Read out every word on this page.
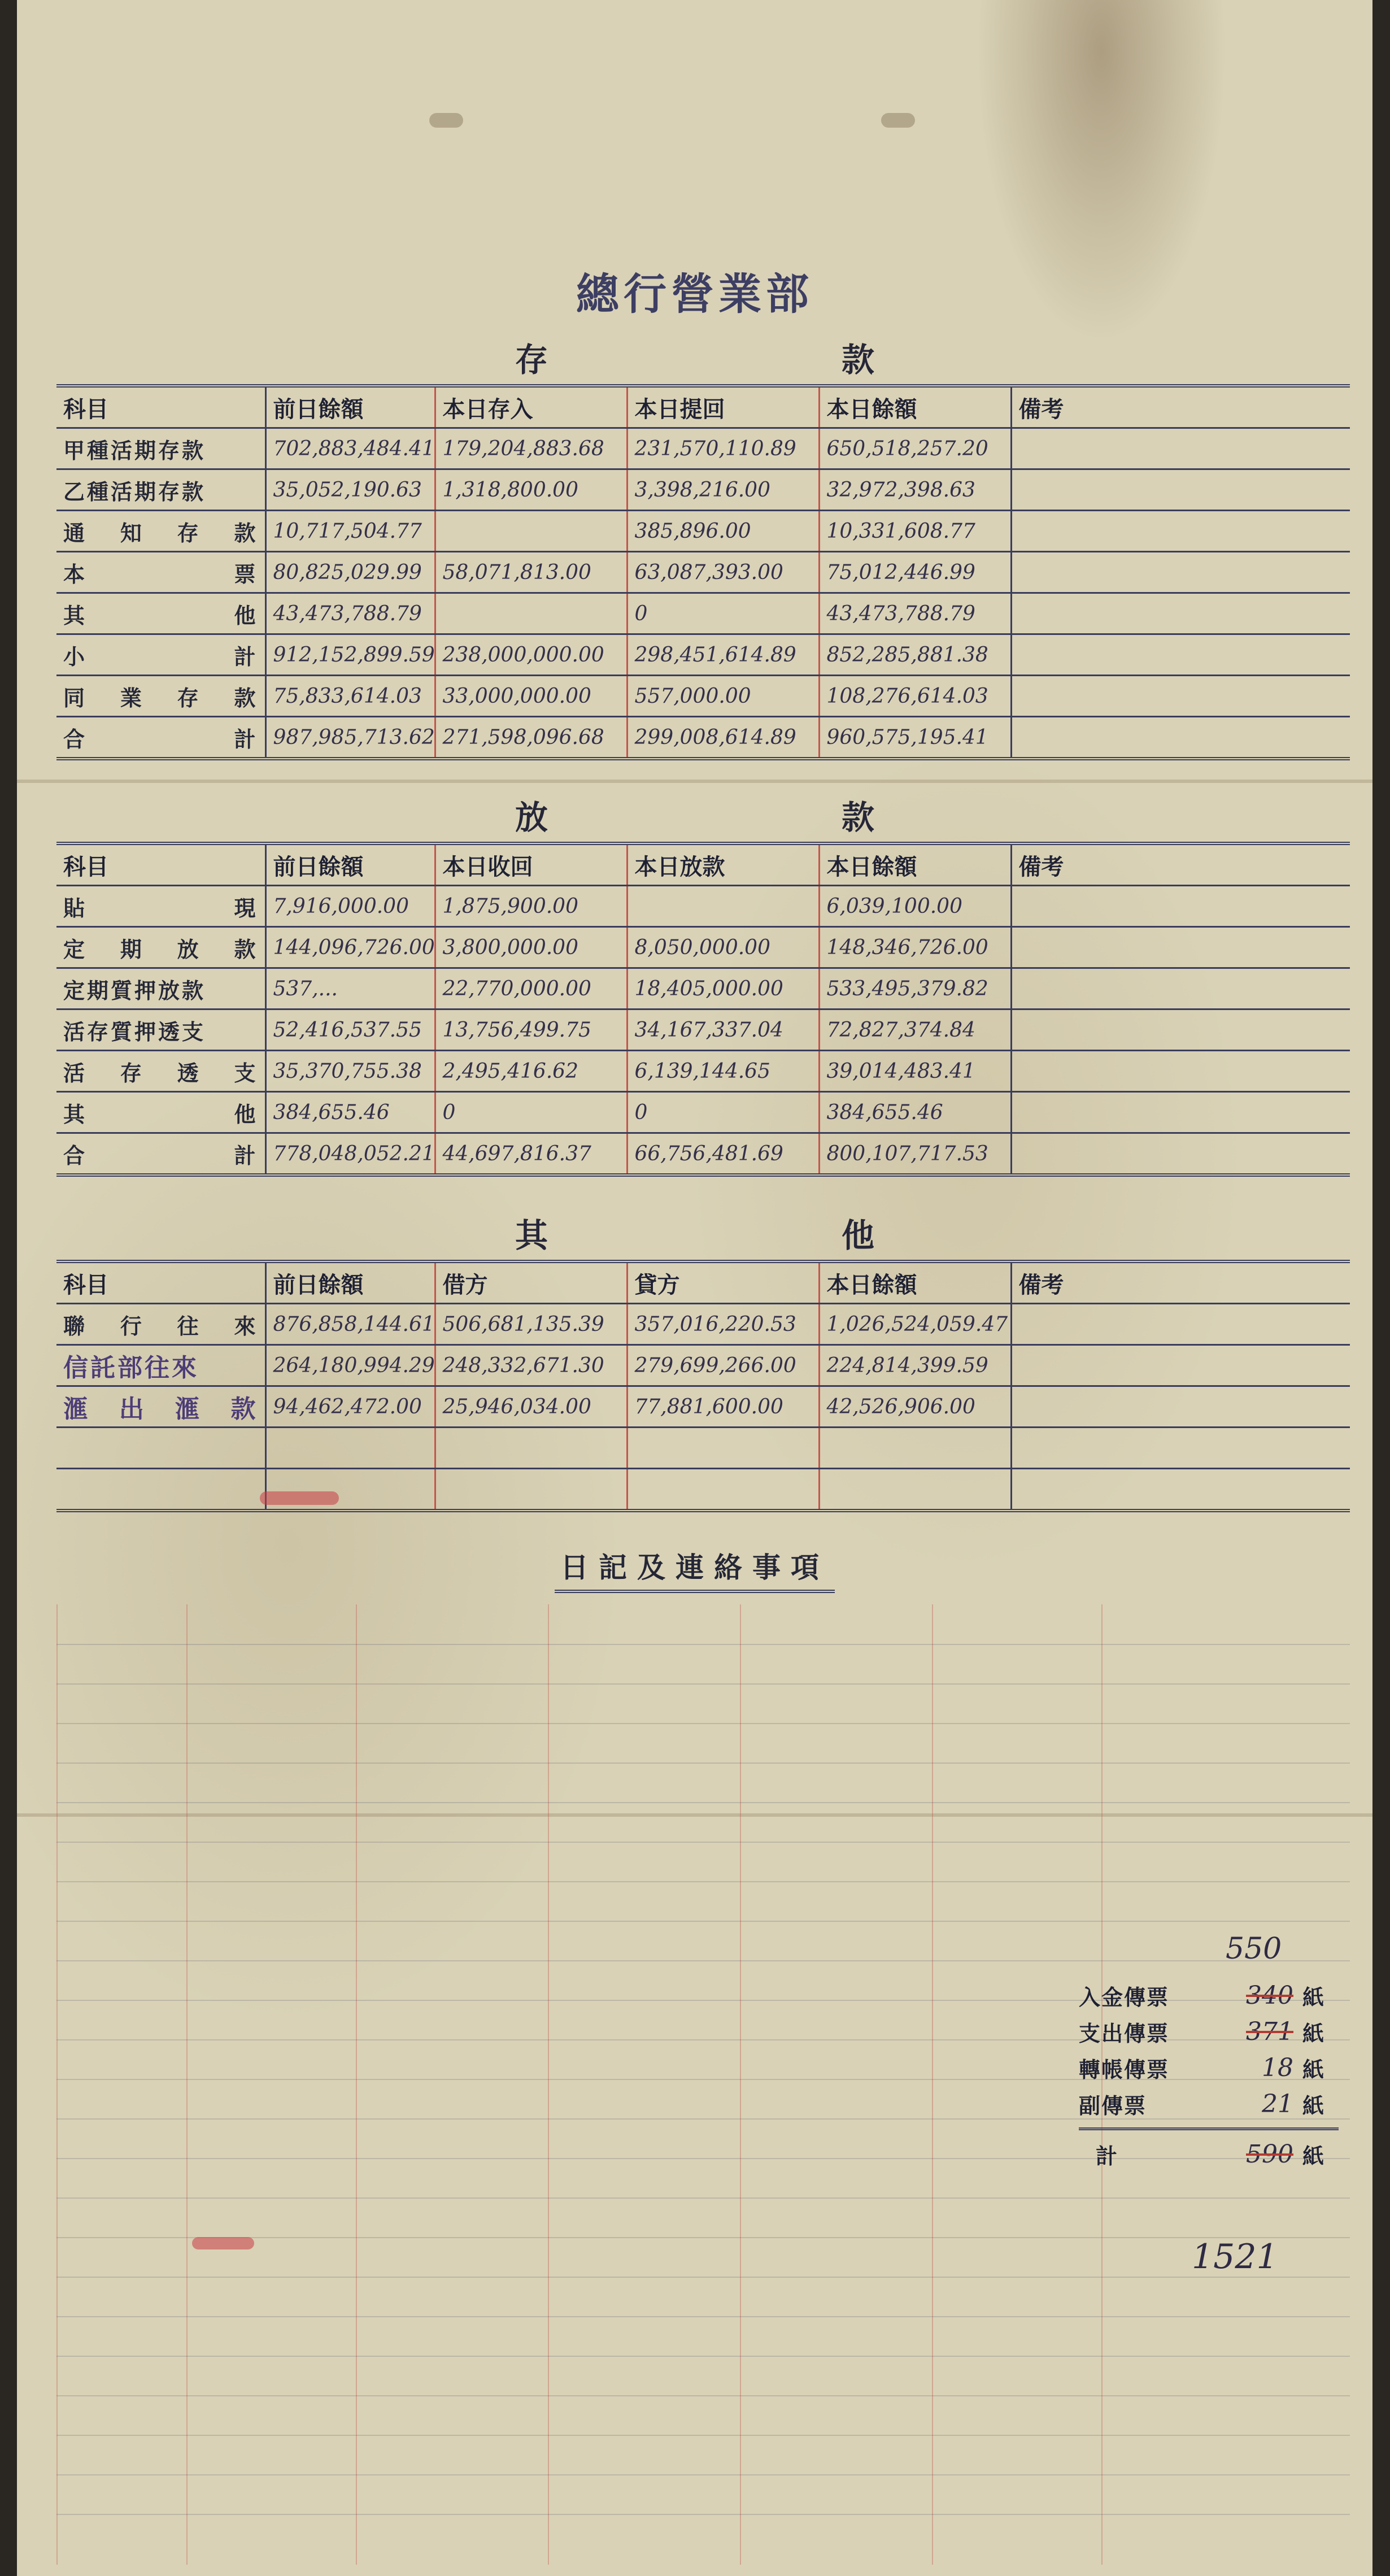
總行營業部
存款
科目	前日餘額	本日存入	本日提回	本日餘額	備考

甲種活期存款	702,883,484.41	179,204,883.68	231,570,110.89	650,518,257.20	
乙種活期存款	35,052,190.63	1,318,800.00	3,398,216.00	32,972,398.63	
通知存款	10,717,504.77		385,896.00	10,331,608.77	
本票	80,825,029.99	58,071,813.00	63,087,393.00	75,012,446.99	
其他	43,473,788.79		0	43,473,788.79	
小計	912,152,899.59	238,000,000.00	298,451,614.89	852,285,881.38	
同業存款	75,833,614.03	33,000,000.00	557,000.00	108,276,614.03	
合計	987,985,713.62	271,598,096.68	299,008,614.89	960,575,195.41	
放款
科目	前日餘額	本日收回	本日放款	本日餘額	備考

貼現	7,916,000.00	1,875,900.00		6,039,100.00	
定期放款	144,096,726.00	3,800,000.00	8,050,000.00	148,346,726.00	
定期質押放款	537,...	22,770,000.00	18,405,000.00	533,495,379.82	
活存質押透支	52,416,537.55	13,756,499.75	34,167,337.04	72,827,374.84	
活存透支	35,370,755.38	2,495,416.62	6,139,144.65	39,014,483.41	
其他	384,655.46	0	0	384,655.46	
合計	778,048,052.21	44,697,816.37	66,756,481.69	800,107,717.53	
其他
科目	前日餘額	借方	貸方	本日餘額	備考

聯行往來	876,858,144.61	506,681,135.39	357,016,220.53	1,026,524,059.47	
信託部往來	264,180,994.29	248,332,671.30	279,699,266.00	224,814,399.59	
滙出滙款	94,462,472.00	25,946,034.00	77,881,600.00	42,526,906.00	

日記及連絡事項
550
入金傳票	340 紙
支出傳票	371 紙
轉帳傳票	18 紙
副傳票	21 紙
計	590 紙
1521
